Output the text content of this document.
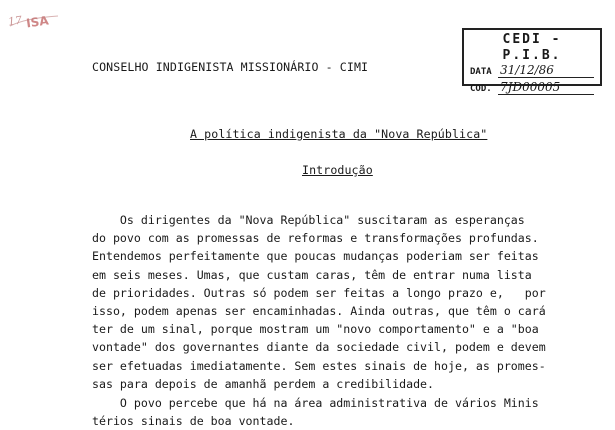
17 ISA
CEDI - P.I.B.
DATA 31/12/86
COD. 7JD00005
CONSELHO INDIGENISTA MISSIONÁRIO - CIMI
A política indigenista da "Nova República"
Introdução
Os dirigentes da "Nova República" suscitaram as esperanças
do povo com as promessas de reformas e transformações profundas.
Entendemos perfeitamente que poucas mudanças poderiam ser feitas
em seis meses. Umas, que custam caras, têm de entrar numa lista
de prioridades. Outras só podem ser feitas a longo prazo e,   por
isso, podem apenas ser encaminhadas. Ainda outras, que têm o cará
ter de um sinal, porque mostram um "novo comportamento" e a "boa
vontade" dos governantes diante da sociedade civil, podem e devem
ser efetuadas imediatamente. Sem estes sinais de hoje, as promes-
sas para depois de amanhã perdem a credibilidade.
O povo percebe que há na área administrativa de vários Minis
térios sinais de boa vontade.
